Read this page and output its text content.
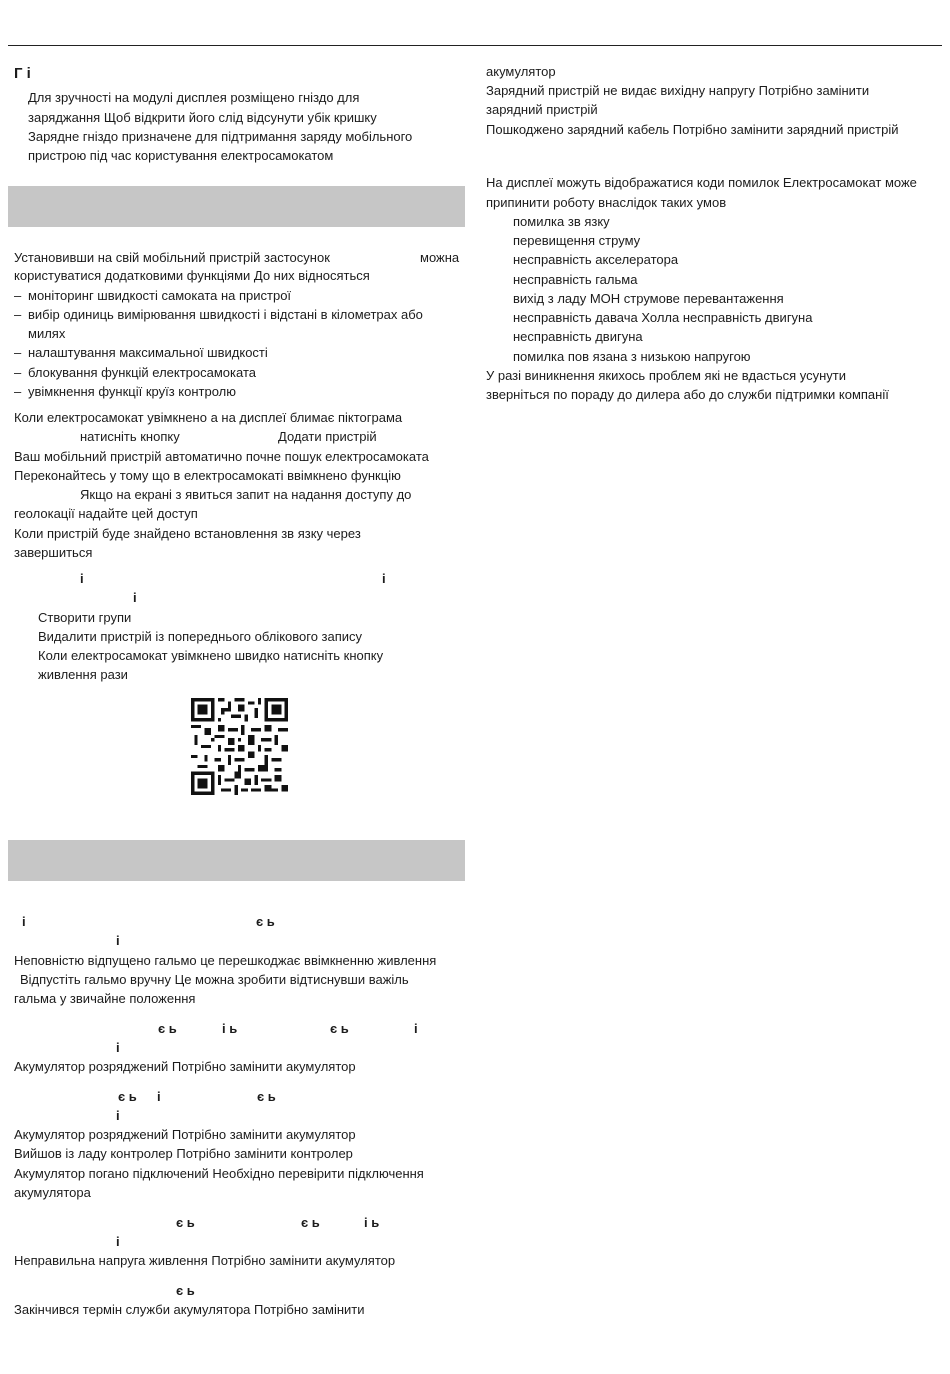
Г і
Для зручності на модулі дисплея розміщено гніздо для
заряджання Щоб відкрити його слід відсунути убік кришку
Зарядне гніздо призначене для підтримання заряду мобільного
пристрою під час користування електросамокатом
Установивши на свій мобільний пристрій застосунок	можна
користуватися додатковими функціями До них відносяться
– моніторинг швидкості самоката на пристрої
– вибір одиниць вимірювання швидкості і відстані в кілометрах або
милях
– налаштування максимальної швидкості
– блокування функцій електросамоката
– увімкнення функції круїз контролю
Коли електросамокат увімкнено а на дисплеї блимає піктограма
натисніть кнопку	Додати пристрій
Ваш мобільний пристрій автоматично почне пошук електросамоката
Переконайтесь у тому що в електросамокаті ввімкнено функцію
Якщо на екрані з явиться запит на надання доступу до
геолокації надайте цей доступ
Коли пристрій буде знайдено встановлення зв язку через
завершиться
і	і
і
Створити групи
Видалити пристрій із попереднього облікового запису
Коли електросамокат увімкнено швидко натисніть кнопку
живлення рази
і	є ь
і
Неповністю відпущено гальмо це перешкоджає ввімкненню живлення
Відпустіть гальмо вручну Це можна зробити відтиснувши важіль
гальма у звичайне положення
є ь	і ь	є ь	і
і
Акумулятор розряджений Потрібно замінити акумулятор
є ь і	є ь
і
Акумулятор розряджений Потрібно замінити акумулятор
Вийшов із ладу контролер Потрібно замінити контролер
Акумулятор погано підключений Необхідно перевірити підключення
акумулятора
є ь	є ь	і ь
і
Неправильна напруга живлення Потрібно замінити акумулятор
є ь
Закінчився термін служби акумулятора Потрібно замінити
акумулятор
Зарядний пристрій не видає вихідну напругу Потрібно замінити
зарядний пристрій
Пошкоджено зарядний кабель Потрібно замінити зарядний пристрій
На дисплеї можуть відображатися коди помилок Електросамокат може
припинити роботу внаслідок таких умов
помилка зв язку
перевищення струму
несправність акселератора
несправність гальма
вихід з ладу МОН струмове перевантаження
несправність давача Холла несправність двигуна
несправність двигуна
помилка пов язана з низькою напругою
У разі виникнення якихось проблем які не вдасться усунути
зверніться по пораду до дилера або до служби підтримки компанії
